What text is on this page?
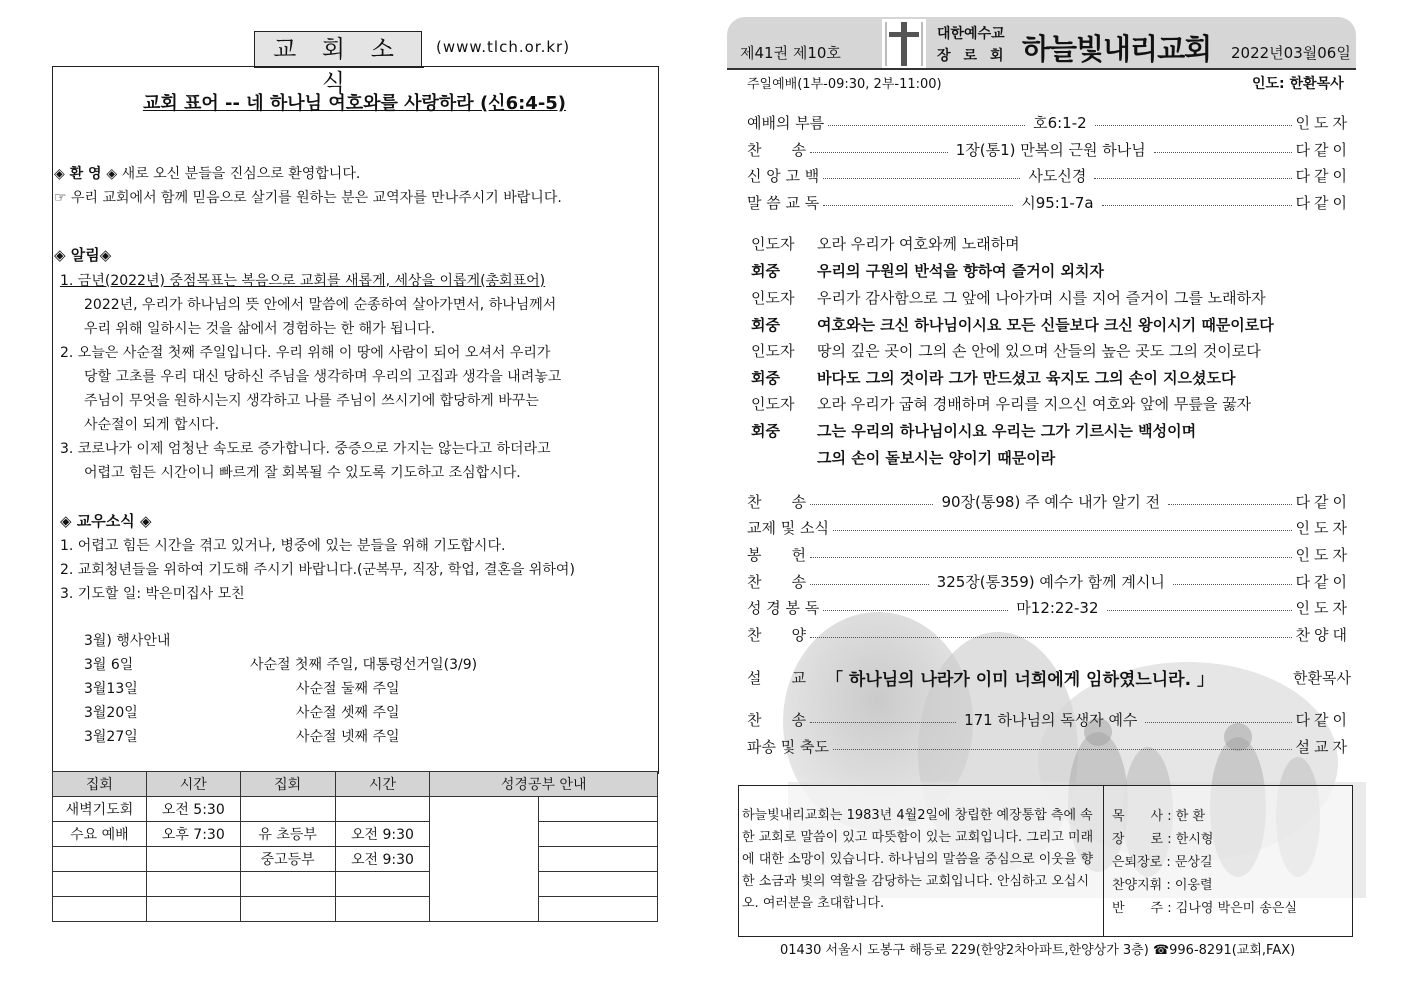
교 회 소 식
(www.tlch.or.kr)
교회 표어 -- 네 하나님 여호와를 사랑하라 (신6:4-5)
◈ 환 영 ◈ 새로 오신 분들을 진심으로 환영합니다.
☞ 우리 교회에서 함께 믿음으로 살기를 원하는 분은 교역자를 만나주시기 바랍니다.
◈ 알림◈
1. 금년(2022년) 중점목표는 복음으로 교회를 새롭게, 세상을 이롭게(총회표어)
2022년, 우리가 하나님의 뜻 안에서 말씀에 순종하여 살아가면서, 하나님께서
우리 위해 일하시는 것을 삶에서 경험하는 한 해가 됩니다.
2. 오늘은 사순절 첫째 주일입니다. 우리 위해 이 땅에 사람이 되어 오셔서 우리가
당할 고초를 우리 대신 당하신 주님을 생각하며 우리의 고집과 생각을 내려놓고
주님이 무엇을 원하시는지 생각하고 나를 주님이 쓰시기에 합당하게 바꾸는
사순절이 되게 합시다.
3. 코로나가 이제 엄청난 속도로 증가합니다. 중증으로 가지는 않는다고 하더라고
어렵고 힘든 시간이니 빠르게 잘 회복될 수 있도록 기도하고 조심합시다.
◈ 교우소식 ◈
1. 어렵고 힘든 시간을 겪고 있거나, 병중에 있는 분들을 위해 기도합시다.
2. 교회청년들을 위하여 기도해 주시기 바랍니다.(군복무, 직장, 학업, 결혼을 위하여)
3. 기도할 일: 박은미집사 모친
3월) 행사안내
3월 6일	사순절 첫째 주일, 대통령선거일(3/9)
3월13일	사순절 둘째 주일
3월20일	사순절 셋째 주일
3월27일	사순절 넷째 주일
집회	시간	집회	시간	성경공부 안내	
새벽기도회	오전 5:30				
수요 예배	오후 7:30	유 초등부	오전 9:30		
		중고등부	오전 9:30		

제41권 제10호
대한예수교
장로회 하늘빛내리교회 2022년03월06일
주일예배(1부-09:30, 2부-11:00)	인도: 한환목사
예배의 부름	호6:1-2	인도자
찬　　송	1장(통1) 만복의 근원 하나님	다같이
신 앙 고 백	사도신경	다같이
말 씀 교 독	시95:1-7a	다같이
인도자 오라 우리가 여호와께 노래하며
회중 우리의 구원의 반석을 향하여 즐거이 외치자
인도자 우리가 감사함으로 그 앞에 나아가며 시를 지어 즐거이 그를 노래하자
회중 여호와는 크신 하나님이시요 모든 신들보다 크신 왕이시기 때문이로다
인도자 땅의 깊은 곳이 그의 손 안에 있으며 산들의 높은 곳도 그의 것이로다
회중 바다도 그의 것이라 그가 만드셨고 육지도 그의 손이 지으셨도다
인도자 오라 우리가 굽혀 경배하며 우리를 지으신 여호와 앞에 무릎을 꿇자
회중 그는 우리의 하나님이시요 우리는 그가 기르시는 백성이며
그의 손이 돌보시는 양이기 때문이라
찬　　송	90장(통98) 주 예수 내가 알기 전	다같이
교제 및 소식	인도자
봉　　헌	인도자
찬　　송	325장(통359) 예수가 함께 계시니	다같이
성 경 봉 독	마12:22-32	인도자
찬　　양	찬양대
설　　교 「 하나님의 나라가 이미 너희에게 임하였느니라. 」	한환목사
찬　　송	171 하나님의 독생자 예수	다같이
파송 및 축도	설교자
하늘빛내리교회는 1983년 4월2일에 창립한 예장통합 측에 속한 교회로 말씀이 있고 따뜻함이 있는 교회입니다. 그리고 미래에 대한 소망이 있습니다. 하나님의 말씀을 중심으로 이웃을 향한 소금과 빛의 역할을 감당하는 교회입니다. 안심하고 오십시오. 여러분을 초대합니다.
목　　사 : 한 환
장　　로 : 한시형
은퇴장로 : 문상길
찬양지휘 : 이웅렬
반　　주 : 김나영 박은미 송은실
01430 서울시 도봉구 해등로 229(한양2차아파트,한양상가 3층) ☎996-8291(교회,FAX)
